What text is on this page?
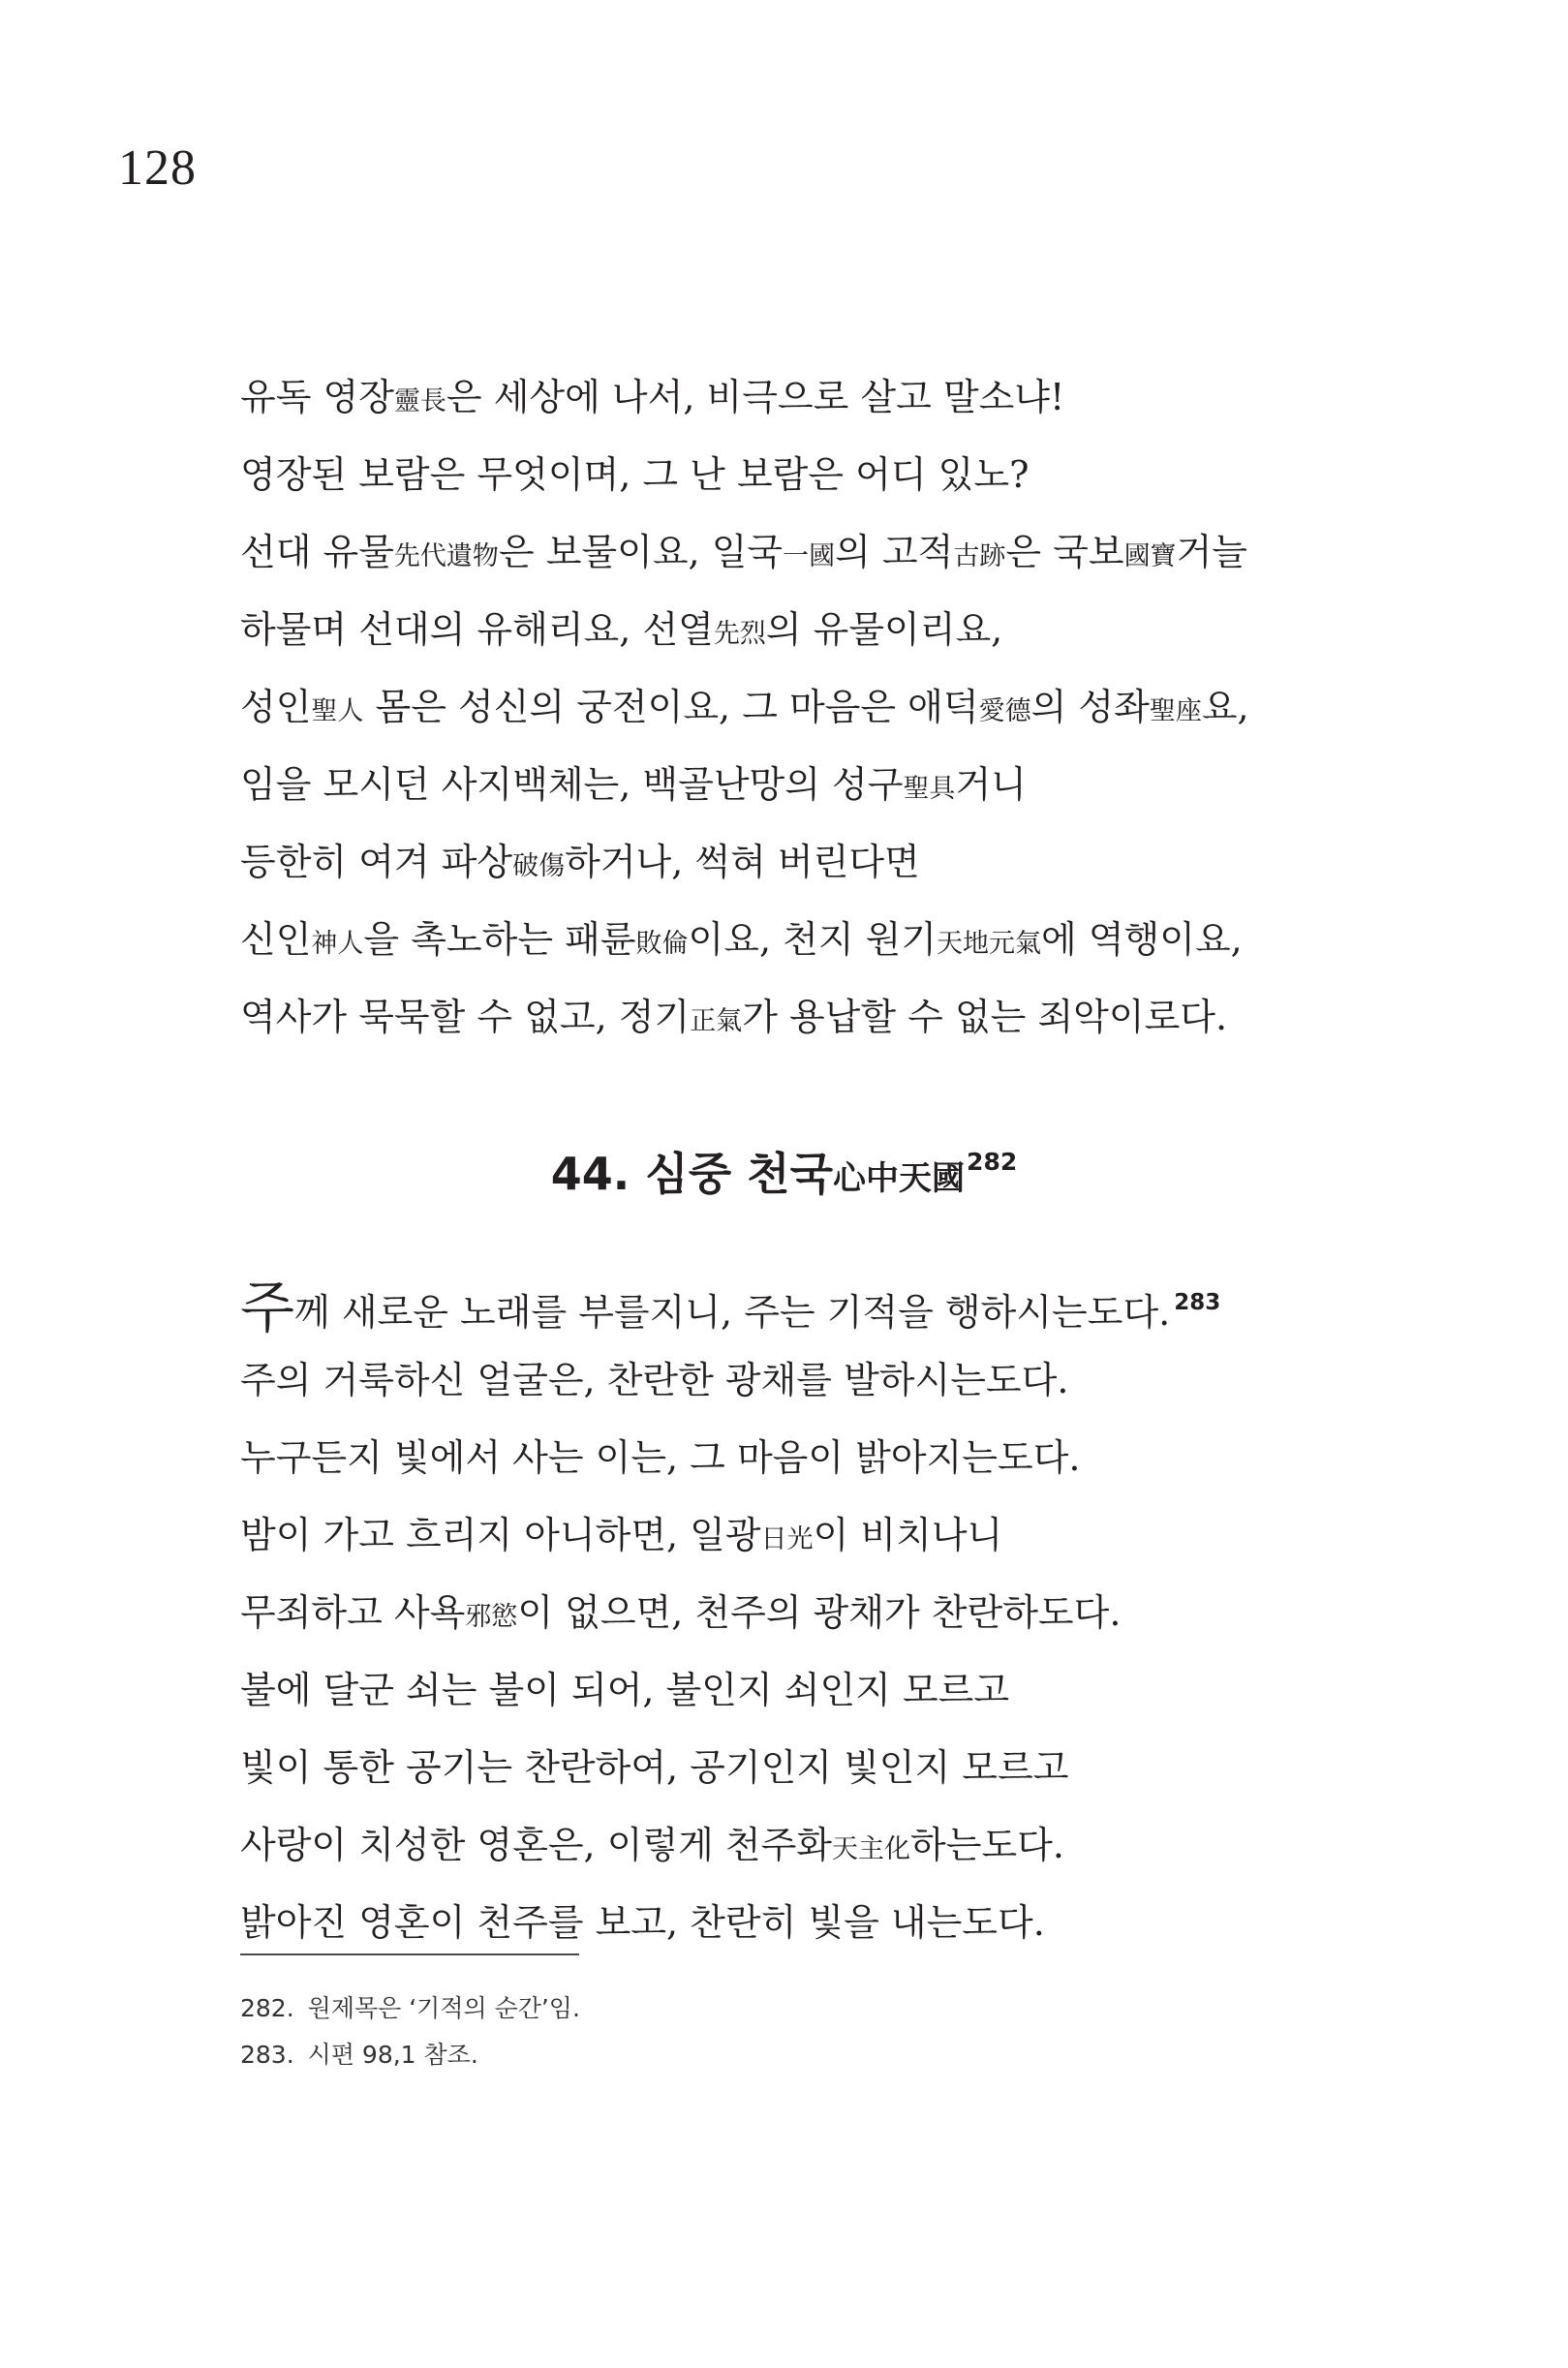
128
유독 영장靈長은 세상에 나서, 비극으로 살고 말소냐!
영장된 보람은 무엇이며, 그 난 보람은 어디 있노?
선대 유물先代遺物은 보물이요, 일국一國의 고적古跡은 국보國寶거늘
하물며 선대의 유해리요, 선열先烈의 유물이리요,
성인聖人 몸은 성신의 궁전이요, 그 마음은 애덕愛德의 성좌聖座요,
임을 모시던 사지백체는, 백골난망의 성구聖具거니
등한히 여겨 파상破傷하거나, 썩혀 버린다면
신인神人을 촉노하는 패륜敗倫이요, 천지 원기天地元氣에 역행이요,
역사가 묵묵할 수 없고, 정기正氣가 용납할 수 없는 죄악이로다.
44. 심중 천국心中天國$^{282}$
주께 새로운 노래를 부를지니, 주는 기적을 행하시는도다. $^{283}$
주의 거룩하신 얼굴은, 찬란한 광채를 발하시는도다.
누구든지 빛에서 사는 이는, 그 마음이 밝아지는도다.
밤이 가고 흐리지 아니하면, 일광日光이 비치나니
무죄하고 사욕邪慾이 없으면, 천주의 광채가 찬란하도다.
불에 달군 쇠는 불이 되어, 불인지 쇠인지 모르고
빛이 통한 공기는 찬란하여, 공기인지 빛인지 모르고
사랑이 치성한 영혼은, 이렇게 천주화天主化하는도다.
밝아진 영혼이 천주를 보고, 찬란히 빛을 내는도다.
282. 원제목은 ‘기적의 순간’임.
283. 시편 98,1 참조.
